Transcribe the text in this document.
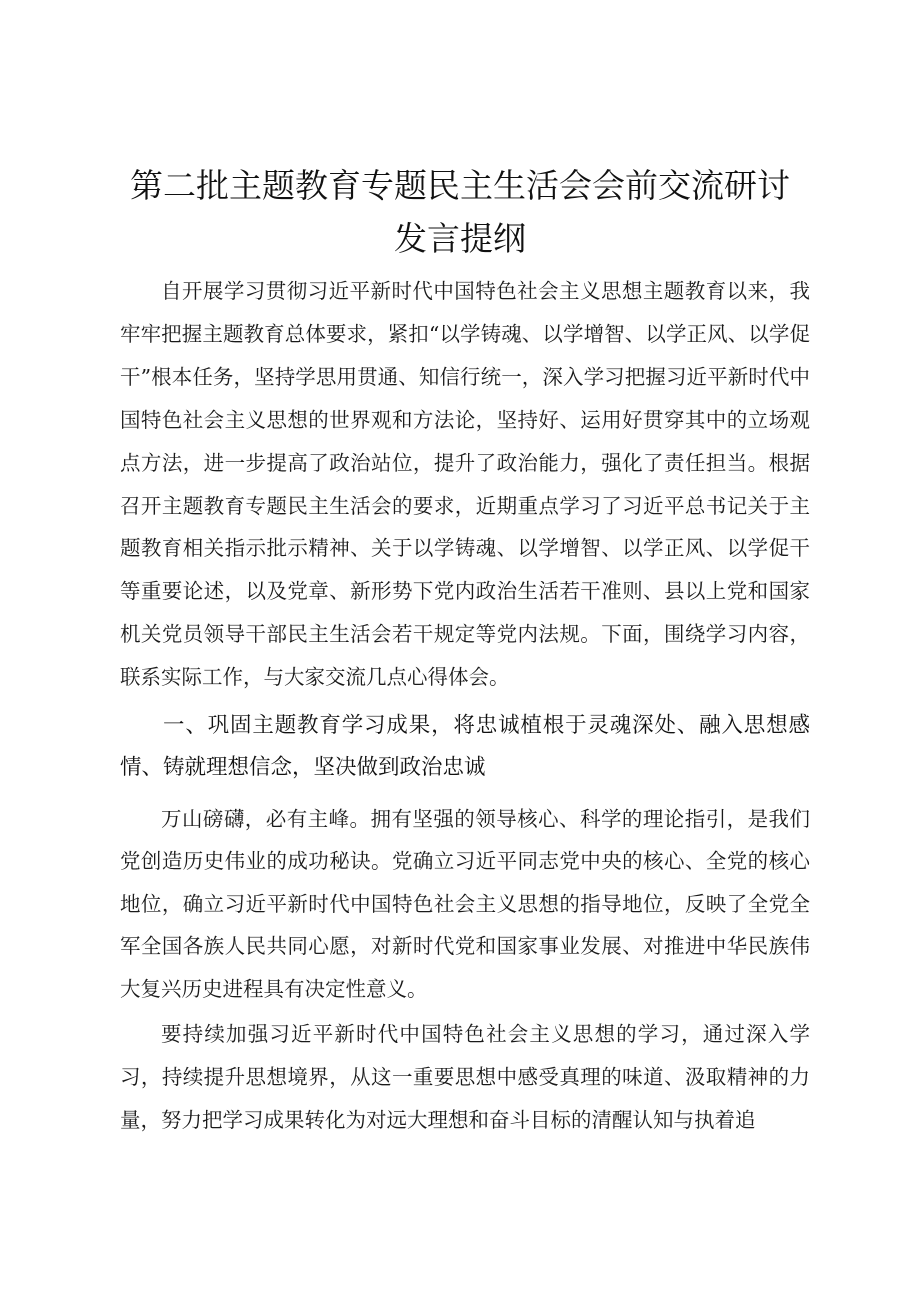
第二批主题教育专题民主生活会会前交流研讨
发言提纲

自开展学习贯彻习近平新时代中国特色社会主义思想主题教育以来，我牢牢把握主题教育总体要求，紧扣“以学铸魂、以学增智、以学正风、以学促干”根本任务，坚持学思用贯通、知信行统一，深入学习把握习近平新时代中国特色社会主义思想的世界观和方法论，坚持好、运用好贯穿其中的立场观点方法，进一步提高了政治站位，提升了政治能力，强化了责任担当。根据召开主题教育专题民主生活会的要求，近期重点学习了习近平总书记关于主题教育相关指示批示精神、关于以学铸魂、以学增智、以学正风、以学促干等重要论述，以及党章、新形势下党内政治生活若干准则、县以上党和国家机关党员领导干部民主生活会若干规定等党内法规。下面，围绕学习内容，联系实际工作，与大家交流几点心得体会。

一、巩固主题教育学习成果，将忠诚植根于灵魂深处、融入思想感情、铸就理想信念，坚决做到政治忠诚

万山磅礴，必有主峰。拥有坚强的领导核心、科学的理论指引，是我们党创造历史伟业的成功秘诀。党确立习近平同志党中央的核心、全党的核心地位，确立习近平新时代中国特色社会主义思想的指导地位，反映了全党全军全国各族人民共同心愿，对新时代党和国家事业发展、对推进中华民族伟大复兴历史进程具有决定性意义。

要持续加强习近平新时代中国特色社会主义思想的学习，通过深入学习，持续提升思想境界，从这一重要思想中感受真理的味道、汲取精神的力量，努力把学习成果转化为对远大理想和奋斗目标的清醒认知与执着追
